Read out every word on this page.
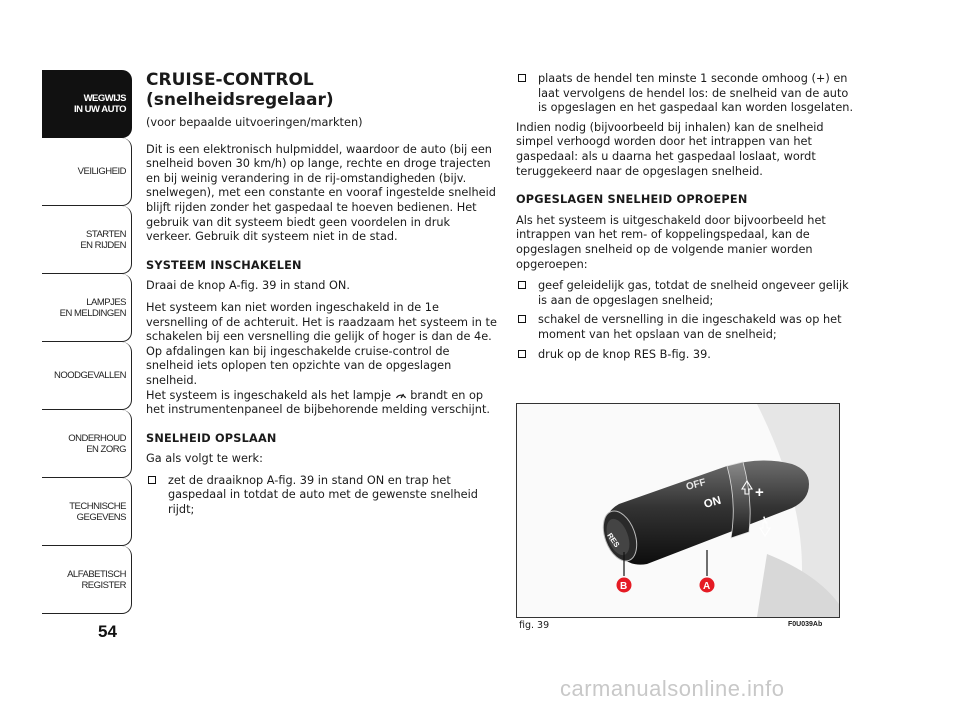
WEGWIJS
IN UW AUTO
VEILIGHEID
STARTEN
EN RIJDEN
LAMPJES
EN MELDINGEN
NOODGEVALLEN
ONDERHOUD
EN ZORG
TECHNISCHE
GEGEVENS
ALFABETISCH
REGISTER
54
CRUISE-CONTROL
(snelheidsregelaar)
(voor bepaalde uitvoeringen/markten)

Dit is een elektronisch hulpmiddel, waardoor de auto (bij een snelheid boven 30 km/h) op lange, rechte en droge trajecten en bij weinig verandering in de rij-omstandigheden (bijv. snelwegen), met een constante en vooraf ingestelde snelheid blijft rijden zonder het gaspedaal te hoeven bedienen. Het gebruik van dit systeem biedt geen voordelen in druk verkeer. Gebruik dit systeem niet in de stad.

SYSTEEM INSCHAKELEN

Draai de knop A-fig. 39 in stand ON.

Het systeem kan niet worden ingeschakeld in de 1e versnelling of de achteruit. Het is raadzaam het systeem in te schakelen bij een versnelling die gelijk of hoger is dan de 4e.

Op afdalingen kan bij ingeschakelde cruise-control de snelheid iets oplopen ten opzichte van de opgeslagen snelheid.

Het systeem is ingeschakeld als het lampje brandt en op het instrumentenpaneel de bijbehorende melding verschijnt.

SNELHEID OPSLAAN

Ga als volgt te werk:

zet de draaiknop A-fig. 39 in stand ON en trap het gaspedaal in totdat de auto met de gewenste snelheid rijdt;
plaats de hendel ten minste 1 seconde omhoog (+) en laat vervolgens de hendel los: de snelheid van de auto is opgeslagen en het gaspedaal kan worden losgelaten.

Indien nodig (bijvoorbeeld bij inhalen) kan de snelheid simpel verhoogd worden door het intrappen van het gaspedaal: als u daarna het gaspedaal loslaat, wordt teruggekeerd naar de opgeslagen snelheid.

OPGESLAGEN SNELHEID OPROEPEN

Als het systeem is uitgeschakeld door bijvoorbeeld het intrappen van het rem- of koppelingspedaal, kan de opgeslagen snelheid op de volgende manier worden opgeroepen:

geef geleidelijk gas, totdat de snelheid ongeveer gelijk is aan de opgeslagen snelheid;
schakel de versnelling in die ingeschakeld was op het moment van het opslaan van de snelheid;
druk op de knop RES B-fig. 39.
RES
OFF
ON
+
–
B	A
fig. 39	F0U039Ab
carmanualsonline.info
